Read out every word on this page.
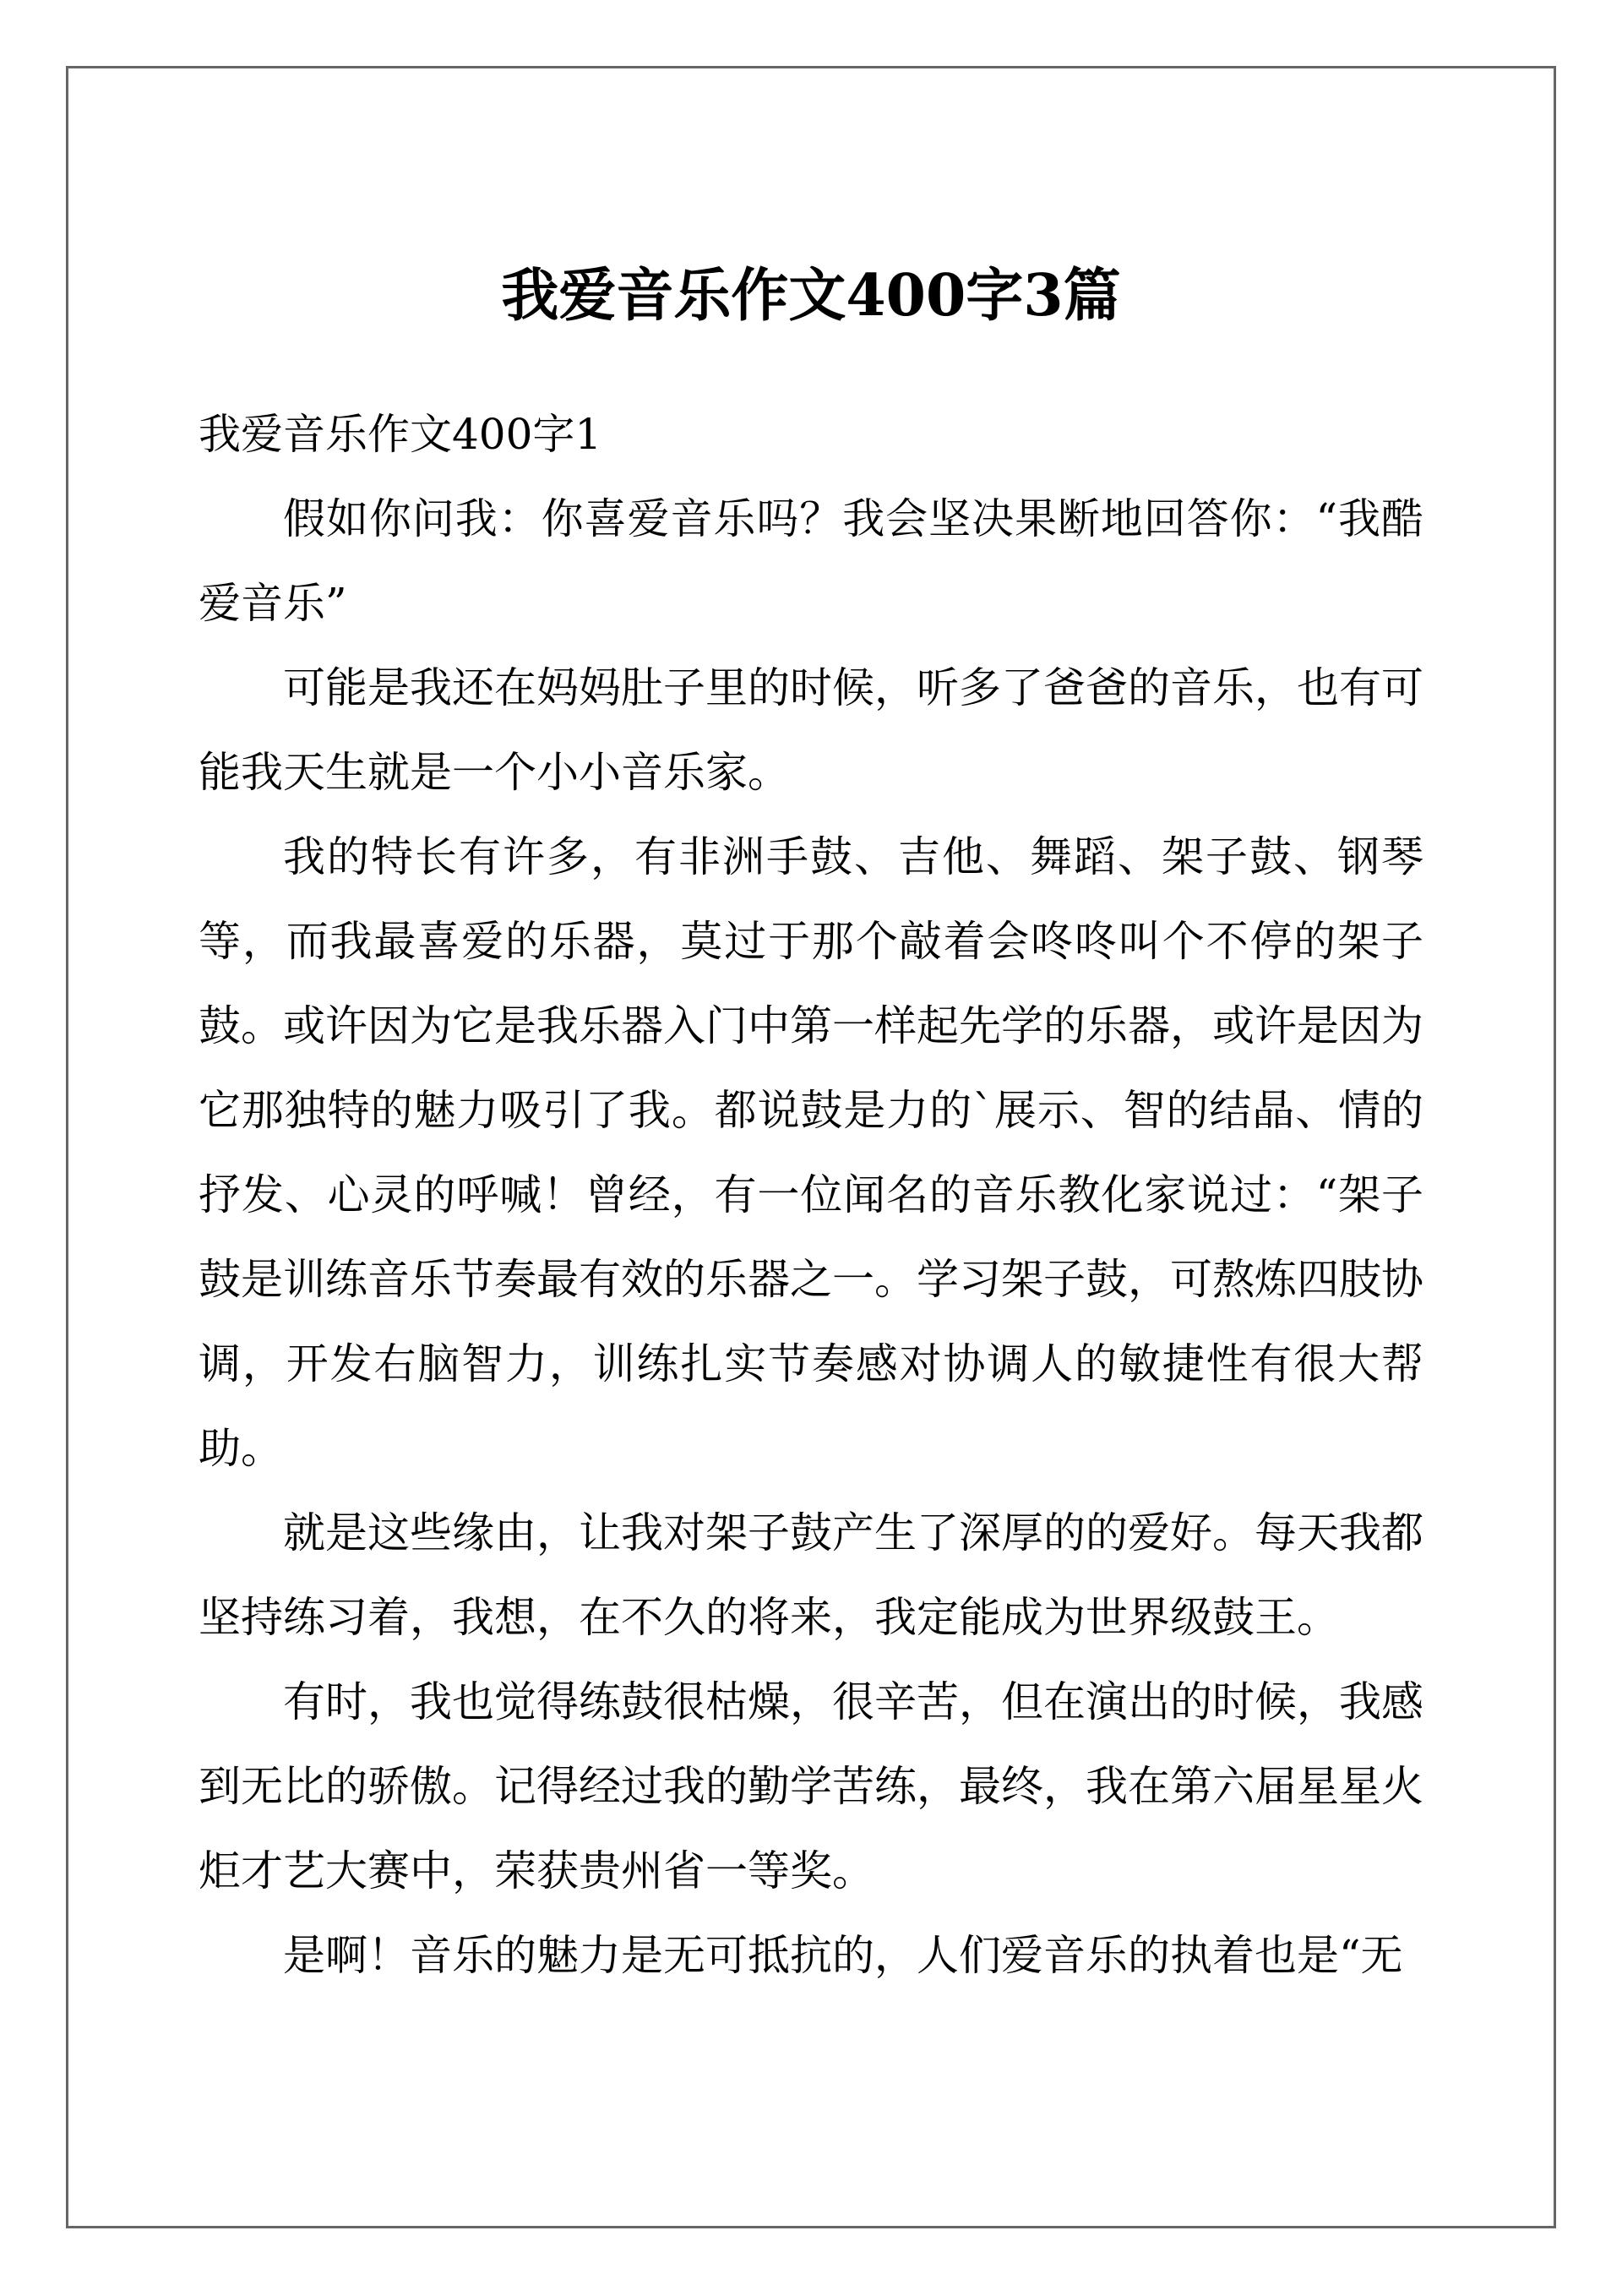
我爱音乐作文400字3篇

我爱音乐作文400字1

假如你问我：你喜爱音乐吗？我会坚决果断地回答你：“我酷爱音乐”

可能是我还在妈妈肚子里的时候，听多了爸爸的音乐，也有可能我天生就是一个小小音乐家。

我的特长有许多，有非洲手鼓、吉他、舞蹈、架子鼓、钢琴等，而我最喜爱的乐器，莫过于那个敲着会咚咚叫个不停的架子鼓。或许因为它是我乐器入门中第一样起先学的乐器，或许是因为它那独特的魅力吸引了我。都说鼓是力的`展示、智的结晶、情的抒发、心灵的呼喊！曾经，有一位闻名的音乐教化家说过：“架子鼓是训练音乐节奏最有效的乐器之一。学习架子鼓，可熬炼四肢协调，开发右脑智力，训练扎实节奏感对协调人的敏捷性有很大帮助。

就是这些缘由，让我对架子鼓产生了深厚的的爱好。每天我都坚持练习着，我想，在不久的将来，我定能成为世界级鼓王。

有时，我也觉得练鼓很枯燥，很辛苦，但在演出的时候，我感到无比的骄傲。记得经过我的勤学苦练，最终，我在第六届星星火炬才艺大赛中，荣获贵州省一等奖。

是啊！音乐的魅力是无可抵抗的，人们爱音乐的执着也是“无
